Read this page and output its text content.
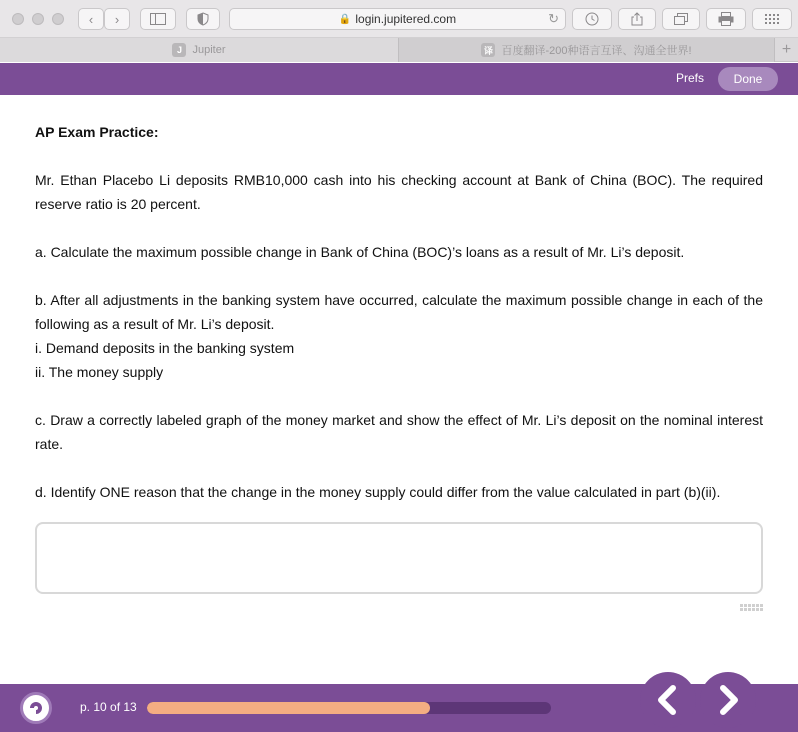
‹ ›	🔒 login.jupitered.com	↻
J Jupiter	译 百度翻译-200种语言互译、沟通全世界!	+
Prefs	Done

AP Exam Practice:

Mr. Ethan Placebo Li deposits RMB10,000 cash into his checking account at Bank of China (BOC). The required reserve ratio is 20 percent.

a. Calculate the maximum possible change in Bank of China (BOC)’s loans as a result of Mr. Li’s deposit.

b. After all adjustments in the banking system have occurred, calculate the maximum possible change in each of the following as a result of Mr. Li’s deposit.

i. Demand deposits in the banking system

ii. The money supply

c. Draw a correctly labeled graph of the money market and show the effect of Mr. Li’s deposit on the nominal interest rate.

d. Identify ONE reason that the change in the money supply could differ from the value calculated in part (b)(ii).

p. 10 of 13
